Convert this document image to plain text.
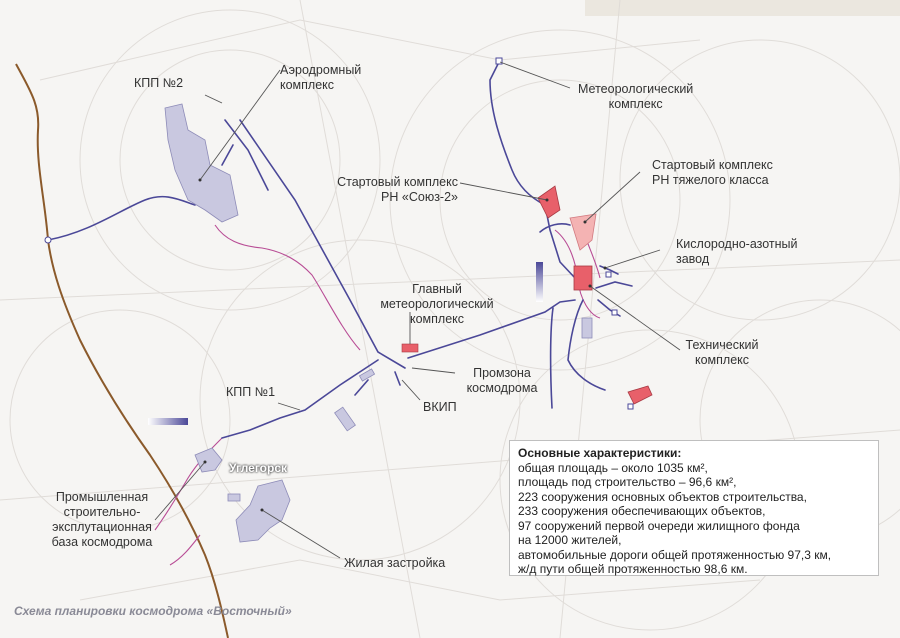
КПП №2
Аэродромный
комплекс	Метеорологический
комплекс
Стартовый комплекс
РН «Союз-2»
Стартовый комплекс
РН тяжелого класса
Кислородно-азотный
завод
Главный
метеорологический
комплекс
Технический
комплекс
Промзона
космодрома
ВКИП
КПП №1
Углегорск
Промышленная
строительно-
эксплутационная
база космодрома
Жилая застройка
Основные характеристики:
общая площадь – около 1035 км²,
площадь под строительство – 96,6 км²,
223 сооружения основных объектов строительства,
233 сооружения обеспечивающих объектов,
97 сооружений первой очереди жилищного фонда
на 12000 жителей,
автомобильные дороги общей протяженностью 97,3 км,
ж/д пути общей протяженностью 98,6 км.
Схема планировки космодрома «Восточный»
